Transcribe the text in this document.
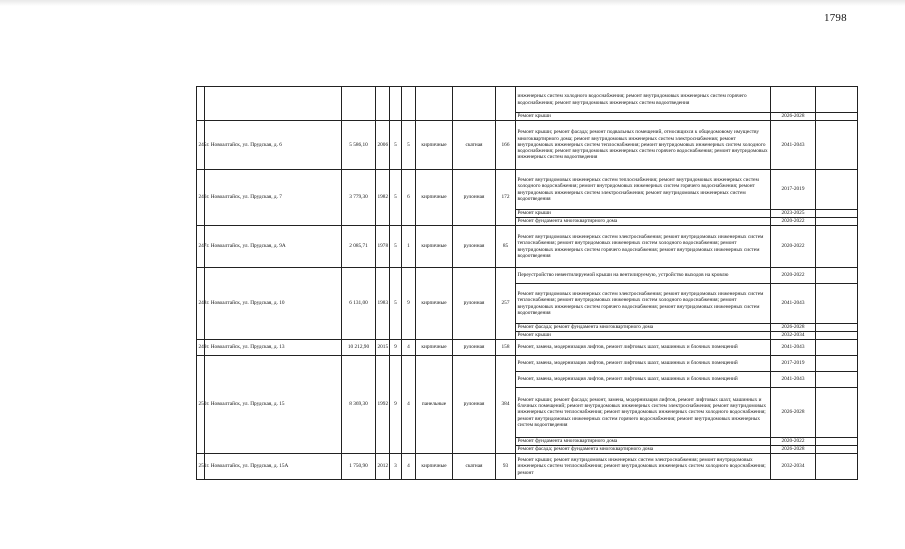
1798
									инженерных систем холодного водоснабжения; ремонт внутридомовых инженерных систем горячего водоснабжения; ремонт внутридомовых инженерных систем водоотведения		
									Ремонт крыши	2026-2028	
245	г. Новоалтайск, ул. Прудская, д. 6	5 586,10	2006	5	5	кирпичные	скатная	166	Ремонт крыши; ремонт фасада; ремонт подвальных помещений, относящихся к общедомовому имуществу многоквартирного дома; ремонт внутридомовых инженерных систем электроснабжения; ремонт внутридомовых инженерных систем теплоснабжения; ремонт внутридомовых инженерных систем холодного водоснабжения; ремонт внутридомовых инженерных систем горячего водоснабжения; ремонт внутридомовых инженерных систем водоотведения	2041-2043	
246	г. Новоалтайск, ул. Прудская, д. 7	3 779,30	1982	5	6	кирпичные	рулонная	172	Ремонт внутридомовых инженерных систем теплоснабжения; ремонт внутридомовых инженерных систем холодного водоснабжения; ремонт внутридомовых инженерных систем горячего водоснабжения; ремонт внутридомовых инженерных систем электроснабжения; ремонт внутридомовых инженерных систем водоотведения	2017-2019	
									Ремонт крыши	2023-2025	
									Ремонт фундамента многоквартирного дома	2020-2022	
247	г. Новоалтайск, ул. Прудская, д. 9А	2 085,71	1978	5	1	кирпичные	рулонная	85	Ремонт внутридомовых инженерных систем электроснабжения; ремонт внутридомовых инженерных систем теплоснабжения; ремонт внутридомовых инженерных систем холодного водоснабжения; ремонт внутридомовых инженерных систем горячего водоснабжения; ремонт внутридомовых инженерных систем водоотведения	2020-2022	
248	г. Новоалтайск, ул. Прудская, д. 10	6 131,00	1983	5	9	кирпичные	рулонная	257	Переустройство невентилируемой крыши на вентилируемую, устройство выходов на кровлю	2020-2022	
									Ремонт внутридомовых инженерных систем электроснабжения; ремонт внутридомовых инженерных систем теплоснабжения; ремонт внутридомовых инженерных систем холодного водоснабжения; ремонт внутридомовых инженерных систем горячего водоснабжения; ремонт внутридомовых инженерных систем водоотведения	2041-2043	
									Ремонт фасада; ремонт фундамента многоквартирного дома	2026-2028	
									Ремонт крыши	2032-2034	
249	г. Новоалтайск, ул. Прудская, д. 13	10 212,90	2015	9	4	кирпичные	рулонная	158	Ремонт, замена, модернизация лифтов, ремонт лифтовых шахт, машинных и блочных помещений	2041-2043	
250	г. Новоалтайск, ул. Прудская, д. 15	8 369,30	1992	9	4	панельные	рулонная	384	Ремонт, замена, модернизация лифтов, ремонт лифтовых шахт, машинных и блочных помещений	2017-2019	
									Ремонт, замена, модернизация лифтов, ремонт лифтовых шахт, машинных и блочных помещений	2041-2043	
									Ремонт крыши; ремонт фасада; ремонт, замена, модернизация лифтов, ремонт лифтовых шахт, машинных и блочных помещений; ремонт внутридомовых инженерных систем электроснабжения; ремонт внутридомовых инженерных систем теплоснабжения; ремонт внутридомовых инженерных систем холодного водоснабжения; ремонт внутридомовых инженерных систем горячего водоснабжения; ремонт внутридомовых инженерных систем водоотведения	2026-2028	
									Ремонт фундамента многоквартирного дома	2020-2022	
									Ремонт фасада; ремонт фундамента многоквартирного дома	2026-2028	
251	г. Новоалтайск, ул. Прудская, д. 15А	1 750,90	2012	3	4	кирпичные	скатная	93	Ремонт крыши; ремонт внутридомовых инженерных систем электроснабжения; ремонт внутридомовых инженерных систем теплоснабжения; ремонт внутридомовых инженерных систем холодного водоснабжения; ремонт	2032-2034	
